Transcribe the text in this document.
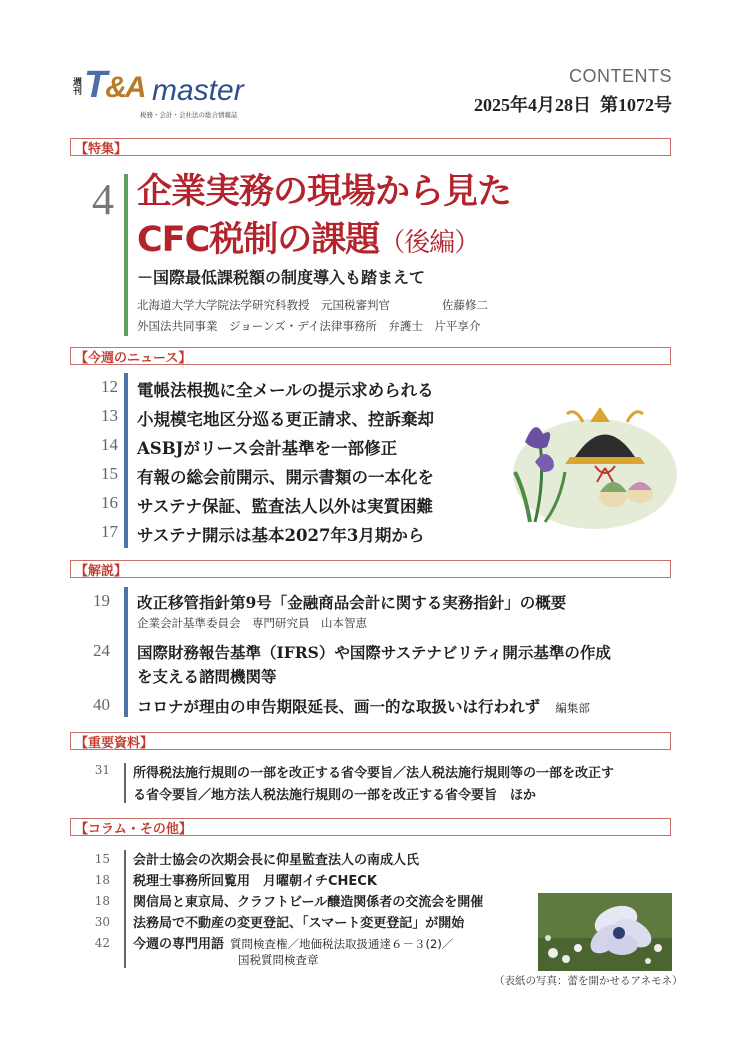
週刊 T&A master
税務・会計・会社法の総合情報誌
CONTENTS
2025年4月28日 第1072号
【特集】
4 企業実務の現場から見た
CFC税制の課題（後編）
－国際最低課税額の制度導入も踏まえて
北海道大学大学院法学研究科教授　元国税審判官	佐藤修二
外国法共同事業　ジョーンズ・デイ法律事務所　弁護士　 片平享介
【今週のニュース】
12 電帳法根拠に全メールの提示求められる
13 小規模宅地区分巡る更正請求、控訴棄却
14 ASBJがリース会計基準を一部修正
15 有報の総会前開示、開示書類の一本化を
16 サステナ保証、監査法人以外は実質困難
17 サステナ開示は基本2027年3月期から
【解説】
19 改正移管指針第9号「金融商品会計に関する実務指針」の概要
企業会計基準委員会　専門研究員　山本智恵
24 国際財務報告基準（IFRS）や国際サステナビリティ開示基準の作成
を支える諮問機関等
40 コロナが理由の申告期限延長、画一的な取扱いは行われず 編集部
【重要資料】
31 所得税法施行規則の一部を改正する省令要旨／法人税法施行規則等の一部を改正す
る省令要旨／地方法人税法施行規則の一部を改正する省令要旨　ほか
【コラム・その他】
15 会計士協会の次期会長に仰星監査法人の南成人氏
18 税理士事務所回覧用　月曜朝イチCHECK
18 関信局と東京局、クラフトビール醸造関係者の交流会を開催
30 法務局で不動産の変更登記、「スマート変更登記」が開始
42 今週の専門用語 質問検査権／地価税法取扱通達６－３(2)／
国税質問検査章
（表紙の写真：蕾を開かせるアネモネ）
